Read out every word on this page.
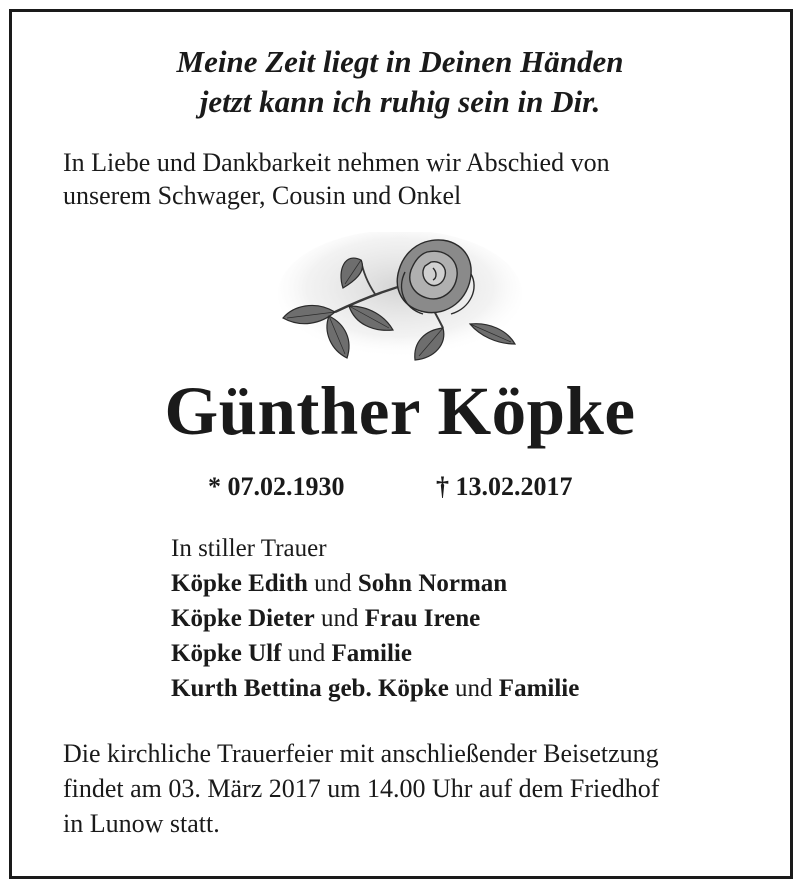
Meine Zeit liegt in Deinen Händen
jetzt kann ich ruhig sein in Dir.
In Liebe und Dankbarkeit nehmen wir Abschied von
unserem Schwager, Cousin und Onkel
Günther Köpke
* 07.02.1930	† 13.02.2017
In stiller Trauer
Köpke Edith und Sohn Norman
Köpke Dieter und Frau Irene
Köpke Ulf und Familie
Kurth Bettina geb. Köpke und Familie
Die kirchliche Trauerfeier mit anschließender Beisetzung
findet am 03. März 2017 um 14.00 Uhr auf dem Friedhof
in Lunow statt.
